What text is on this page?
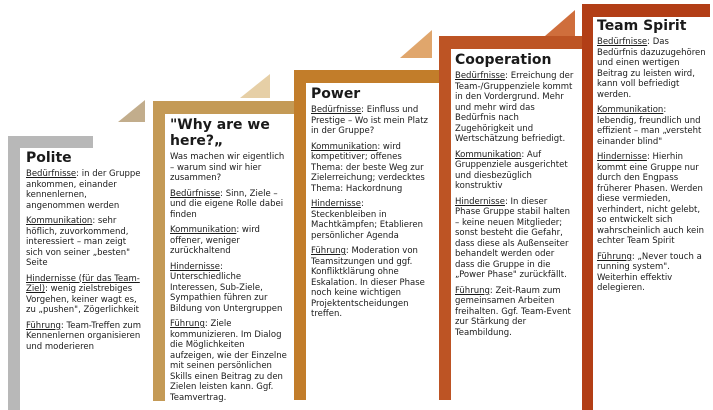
Polite
Bedürfnisse: in der Gruppe ankommen, einander kennenlernen, angenommen werden
Kommunikation: sehr höflich, zuvorkommend, interessiert – man zeigt sich von seiner „besten" Seite
Hindernisse (für das Team-Ziel): wenig zielstrebiges Vorgehen, keiner wagt es, zu „pushen", Zögerlichkeit
Führung: Team-Treffen zum Kennenlernen organisieren und moderieren
"Why are we here?„
Was machen wir eigentlich – warum sind wir hier zusammen?
Bedürfnisse: Sinn, Ziele – und die eigene Rolle dabei finden
Kommunikation: wird offener, weniger zurückhaltend
Hindernisse: Unterschiedliche Interessen, Sub-Ziele, Sympathien führen zur Bildung von Untergruppen
Führung: Ziele kommunizieren. Im Dialog die Möglichkeiten aufzeigen, wie der Einzelne mit seinen persönlichen Skills einen Beitrag zu den Zielen leisten kann. Ggf. Teamvertrag.
Power
Bedürfnisse: Einfluss und Prestige – Wo ist mein Platz in der Gruppe?
Kommunikation: wird kompetitiver; offenes Thema: der beste Weg zur Zielerreichung; verdecktes Thema: Hackordnung
Hindernisse: Steckenbleiben in Machtkämpfen; Etablieren persönlicher Agenda
Führung: Moderation von Teamsitzungen und ggf. Konfliktklärung ohne Eskalation. In dieser Phase noch keine wichtigen Projektentscheidungen treffen.
Cooperation
Bedürfnisse: Erreichung der Team-/Gruppenziele kommt in den Vordergrund. Mehr und mehr wird das Bedürfnis nach Zugehörigkeit und Wertschätzung befriedigt.
Kommunikation: Auf Gruppenziele ausgerichtet und diesbezüglich konstruktiv
Hindernisse: In dieser Phase Gruppe stabil halten – keine neuen Mitglieder; sonst besteht die Gefahr, dass diese als Außenseiter behandelt werden oder dass die Gruppe in die „Power Phase" zurückfällt.
Führung: Zeit-Raum zum gemeinsamen Arbeiten freihalten. Ggf. Team-Event zur Stärkung der Teambildung.
Team Spirit
Bedürfnisse: Das Bedürfnis dazuzugehören und einen wertigen Beitrag zu leisten wird, kann voll befriedigt werden.
Kommunikation: lebendig, freundlich und effizient – man „versteht einander blind"
Hindernisse: Hierhin kommt eine Gruppe nur durch den Engpass früherer Phasen. Werden diese vermieden, verhindert, nicht gelebt, so entwickelt sich wahrscheinlich auch kein echter Team Spirit
Führung: „Never touch a running system". Weiterhin effektiv delegieren.
